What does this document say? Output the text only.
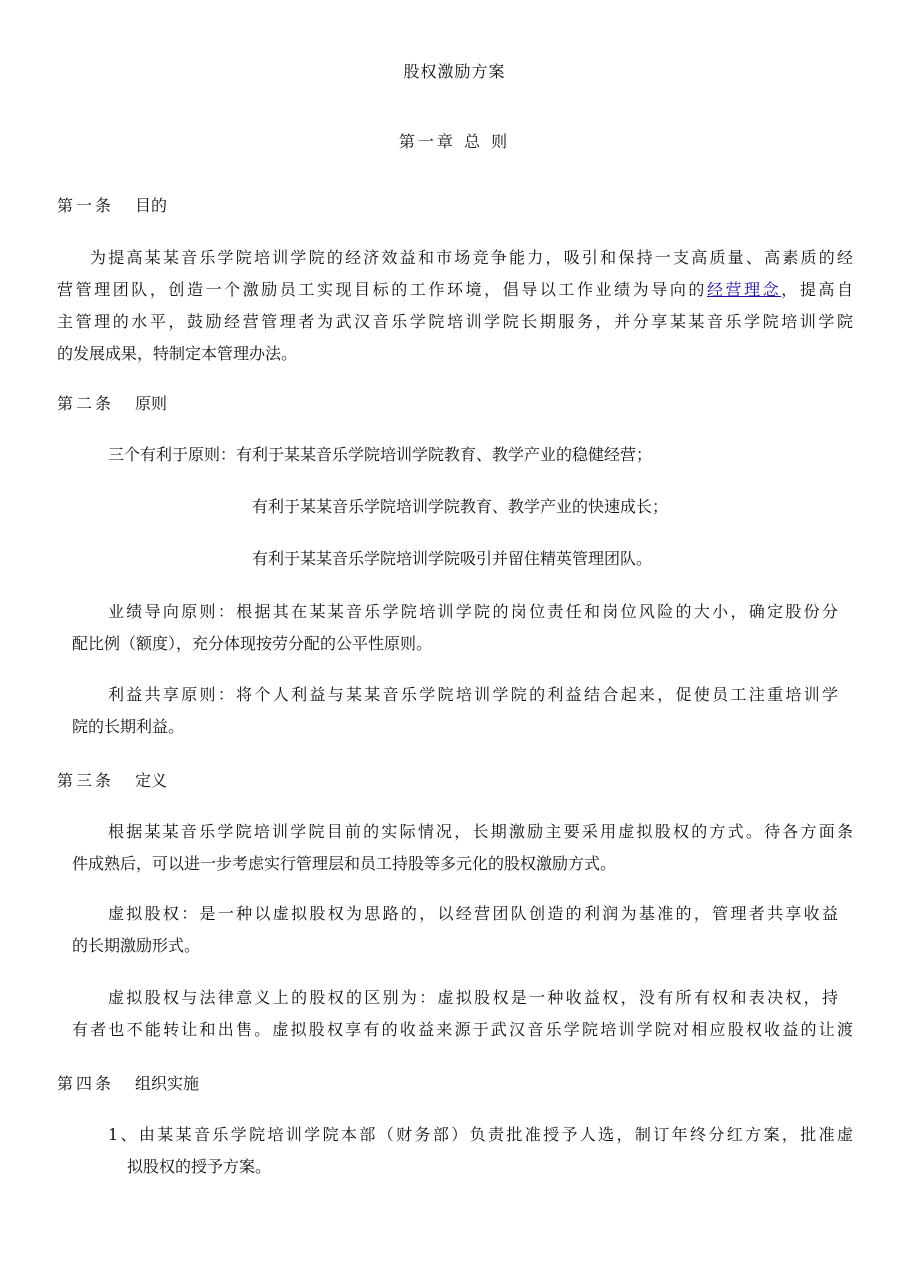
股权激励方案
第一章 总 则
第一条 目的
为提高某某音乐学院培训学院的经济效益和市场竞争能力，吸引和保持一支高质量、高素质的经
营管理团队，创造一个激励员工实现目标的工作环境，倡导以工作业绩为导向的经营理念，提高自
主管理的水平，鼓励经营管理者为武汉音乐学院培训学院长期服务，并分享某某音乐学院培训学院
的发展成果，特制定本管理办法。
第二条 原则
三个有利于原则：有利于某某音乐学院培训学院教育、教学产业的稳健经营；
有利于某某音乐学院培训学院教育、教学产业的快速成长；
有利于某某音乐学院培训学院吸引并留住精英管理团队。
业绩导向原则：根据其在某某音乐学院培训学院的岗位责任和岗位风险的大小，确定股份分
配比例（额度），充分体现按劳分配的公平性原则。
利益共享原则：将个人利益与某某音乐学院培训学院的利益结合起来，促使员工注重培训学
院的长期利益。
第三条 定义
根据某某音乐学院培训学院目前的实际情况，长期激励主要采用虚拟股权的方式。待各方面条
件成熟后，可以进一步考虑实行管理层和员工持股等多元化的股权激励方式。
虚拟股权：是一种以虚拟股权为思路的，以经营团队创造的利润为基准的，管理者共享收益
的长期激励形式。
虚拟股权与法律意义上的股权的区别为：虚拟股权是一种收益权，没有所有权和表决权，持
有者也不能转让和出售。虚拟股权享有的收益来源于武汉音乐学院培训学院对相应股权收益的让渡
第四条 组织实施
1、由某某音乐学院培训学院本部（财务部）负责批准授予人选，制订年终分红方案，批准虚
拟股权的授予方案。
